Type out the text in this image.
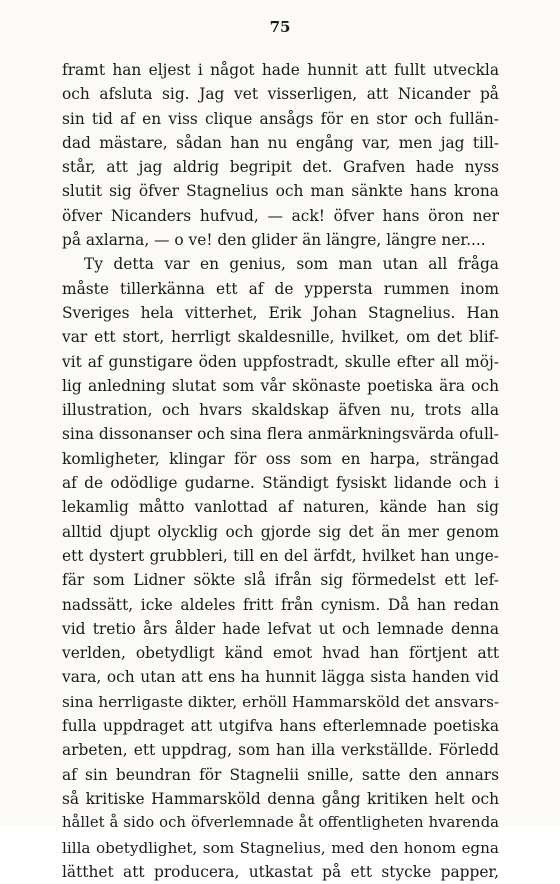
75
framt han eljest i något hade hunnit att fullt utveckla
och afsluta sig. Jag vet visserligen, att Nicander på
sin tid af en viss clique ansågs för en stor och fullän-
dad mästare, sådan han nu engång var, men jag till-
står, att jag aldrig begripit det. Grafven hade nyss
slutit sig öfver Stagnelius och man sänkte hans krona
öfver Nicanders hufvud, — ack! öfver hans öron ner
på axlarna, — o ve! den glider än längre, längre ner....
Ty detta var en genius, som man utan all fråga
måste tillerkänna ett af de yppersta rummen inom
Sveriges hela vitterhet, Erik Johan Stagnelius. Han
var ett stort, herrligt skaldesnille, hvilket, om det blif-
vit af gunstigare öden uppfostradt, skulle efter all möj-
lig anledning slutat som vår skönaste poetiska ära och
illustration, och hvars skaldskap äfven nu, trots alla
sina dissonanser och sina flera anmärkningsvärda ofull-
komligheter, klingar för oss som en harpa, strängad
af de odödlige gudarne. Ständigt fysiskt lidande och i
lekamlig måtto vanlottad af naturen, kände han sig
alltid djupt olycklig och gjorde sig det än mer genom
ett dystert grubbleri, till en del ärfdt, hvilket han unge-
fär som Lidner sökte slå ifrån sig förmedelst ett lef-
nadssätt, icke aldeles fritt från cynism. Då han redan
vid tretio års ålder hade lefvat ut och lemnade denna
verlden, obetydligt känd emot hvad han förtjent att
vara, och utan att ens ha hunnit lägga sista handen vid
sina herrligaste dikter, erhöll Hammarsköld det ansvars-
fulla uppdraget att utgifva hans efterlemnade poetiska
arbeten, ett uppdrag, som han illa verkställde. Förledd
af sin beundran för Stagnelii snille, satte den annars
så kritiske Hammarsköld denna gång kritiken helt och
hållet å sido och öfverlemnade åt offentligheten hvarenda
lilla obetydlighet, som Stagnelius, med den honom egna
lätthet att producera, utkastat på ett stycke papper,
